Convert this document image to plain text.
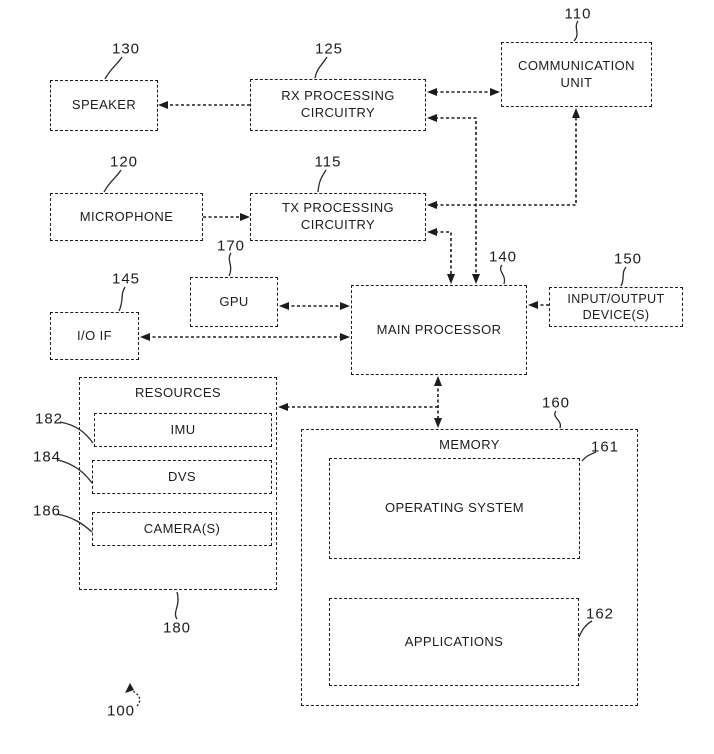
COMMUNICATION UNIT
SPEAKER
RX PROCESSING CIRCUITRY
MICROPHONE
TX PROCESSING CIRCUITRY
GPU
I/O IF	MAIN PROCESSOR
INPUT/OUTPUT DEVICE(S)
RESOURCES
IMU
DVS
CAMERA(S)
MEMORY
OPERATING SYSTEM
APPLICATIONS
110
130	125
120	115
170
140	150
145
160
161
162
180
182
184
186
100
